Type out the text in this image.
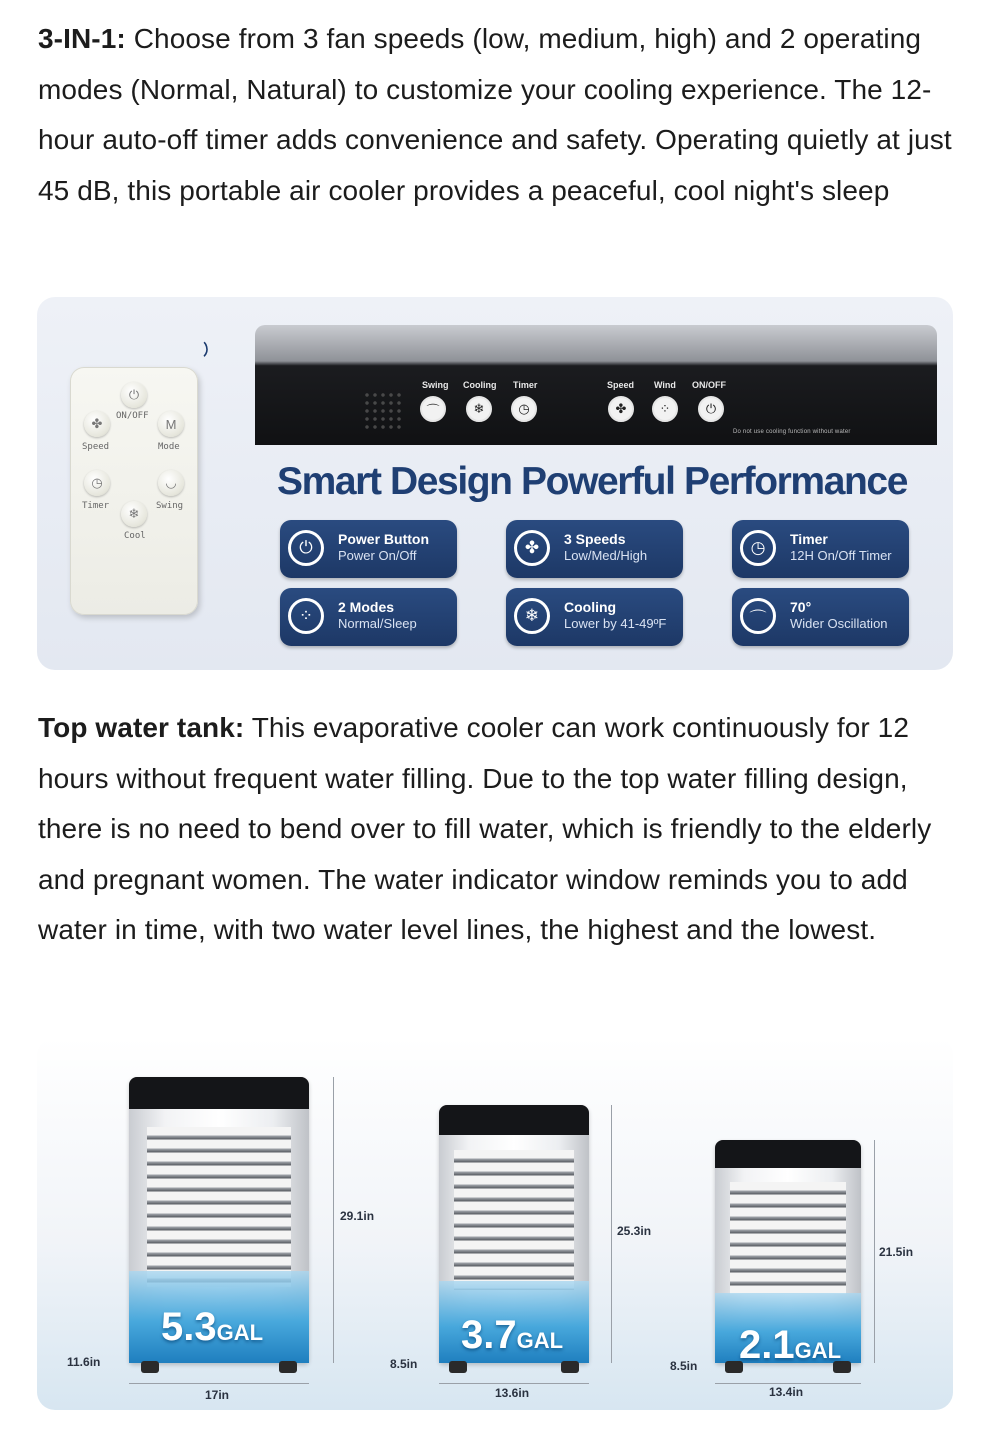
3-IN-1: Choose from 3 fan speeds (low, medium, high) and 2 operating modes (Normal, Natural) to customize your cooling experience. The 12-hour auto-off timer adds convenience and safety. Operating quietly at just 45 dB, this portable air cooler provides a peaceful, cool night's sleep

◝
⏻
ON/OFF
✤
Speed
M
Mode
◷
Timer
◡
Swing
❄
Cool
Swing Cooling Timer
⌒	❄	◷
Speed Wind ON/OFF
✤	⁘	⏻
Do not use cooling function without water
Smart Design Powerful Performance
⏻	Power Button
Power On/Off	✤	3 Speeds
Low/Med/High	◷	Timer
12H On/Off Timer
⁘	2 Modes
Normal/Sleep	❄	Cooling
Lower by 41-49ºF	⌒
70°
Wider Oscillation

Top water tank: This evaporative cooler can work continuously for 12 hours without frequent water filling. Due to the top water filling design, there is no need to bend over to fill water, which is friendly to the elderly and pregnant women. The water indicator window reminds you to add water in time, with two water level lines, the highest and the lowest.

5.3GAL
29.1in
11.6in
17in
3.7GAL
25.3in
8.5in
13.6in
2.1GAL
21.5in
8.5in
13.4in
